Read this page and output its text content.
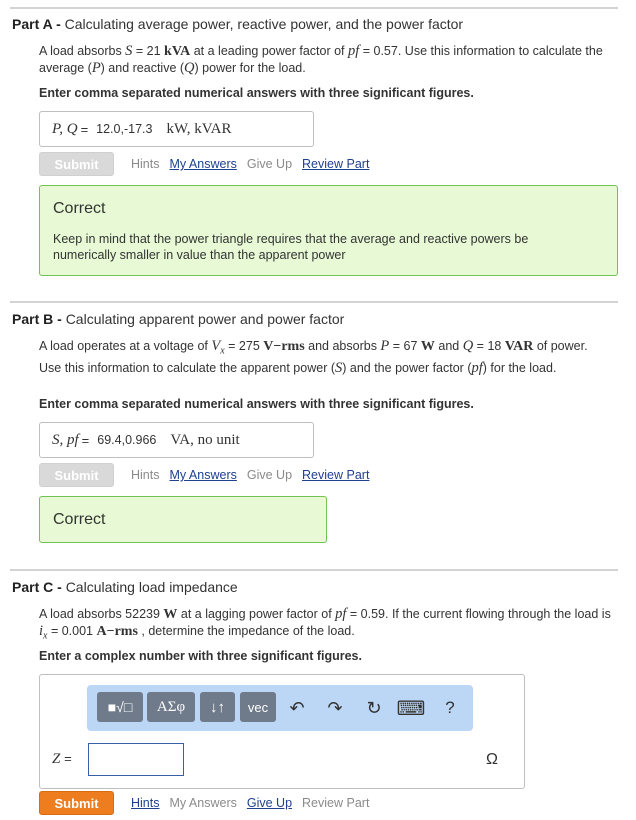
Part A - Calculating average power, reactive power, and the power factor
A load absorbs S = 21 kVA at a leading power factor of pf = 0.57. Use this information to calculate the average (P) and reactive (Q) power for the load.
Enter comma separated numerical answers with three significant figures.
P, Q = 12.0,-17.3 kW, kVAR
Submit	Hints My Answers Give Up Review Part
Correct
Keep in mind that the power triangle requires that the average and reactive powers be numerically smaller in value than the apparent power
Part B - Calculating apparent power and power factor
A load operates at a voltage of $V_x = 275$ V−rms and absorbs P = 67 W and Q = 18 VAR of power. Use this information to calculate the apparent power (S) and the power factor (pf) for the load.
Enter comma separated numerical answers with three significant figures.
S, pf = 69.4,0.966 VA, no unit
Submit	Hints My Answers Give Up Review Part
Correct
Part C - Calculating load impedance
A load absorbs 52239 W at a lagging power factor of pf = 0.59. If the current flowing through the load is $i_x = 0.001$ A−rms , determine the impedance of the load.
Enter a complex number with three significant figures.
■√□	ΑΣφ	↓↑	vec	↶	↷	↻ ⌨	?
Z =	Ω
Submit	Hints My Answers Give Up Review Part
